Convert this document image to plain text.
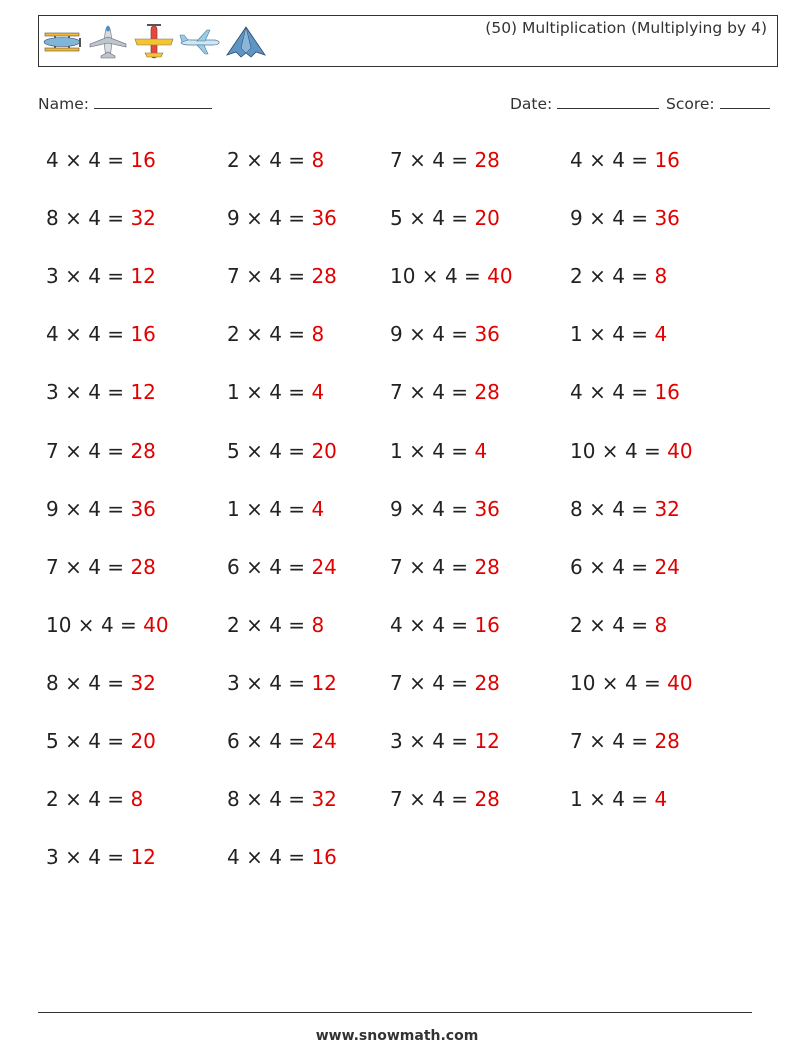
(50) Multiplication (Multiplying by 4)
Name:	Date:	Score:
4 × 4 = 16	2 × 4 = 8	7 × 4 = 28	4 × 4 = 16
8 × 4 = 32	9 × 4 = 36	5 × 4 = 20	9 × 4 = 36
3 × 4 = 12	7 × 4 = 28	10 × 4 = 40	2 × 4 = 8
4 × 4 = 16	2 × 4 = 8	9 × 4 = 36	1 × 4 = 4
3 × 4 = 12	1 × 4 = 4	7 × 4 = 28	4 × 4 = 16
7 × 4 = 28	5 × 4 = 20	1 × 4 = 4	10 × 4 = 40
9 × 4 = 36	1 × 4 = 4	9 × 4 = 36	8 × 4 = 32
7 × 4 = 28	6 × 4 = 24	7 × 4 = 28	6 × 4 = 24
10 × 4 = 40	2 × 4 = 8	4 × 4 = 16	2 × 4 = 8
8 × 4 = 32	3 × 4 = 12	7 × 4 = 28	10 × 4 = 40
5 × 4 = 20	6 × 4 = 24	3 × 4 = 12	7 × 4 = 28
2 × 4 = 8	8 × 4 = 32	7 × 4 = 28	1 × 4 = 4
3 × 4 = 12	4 × 4 = 16
www.snowmath.com
